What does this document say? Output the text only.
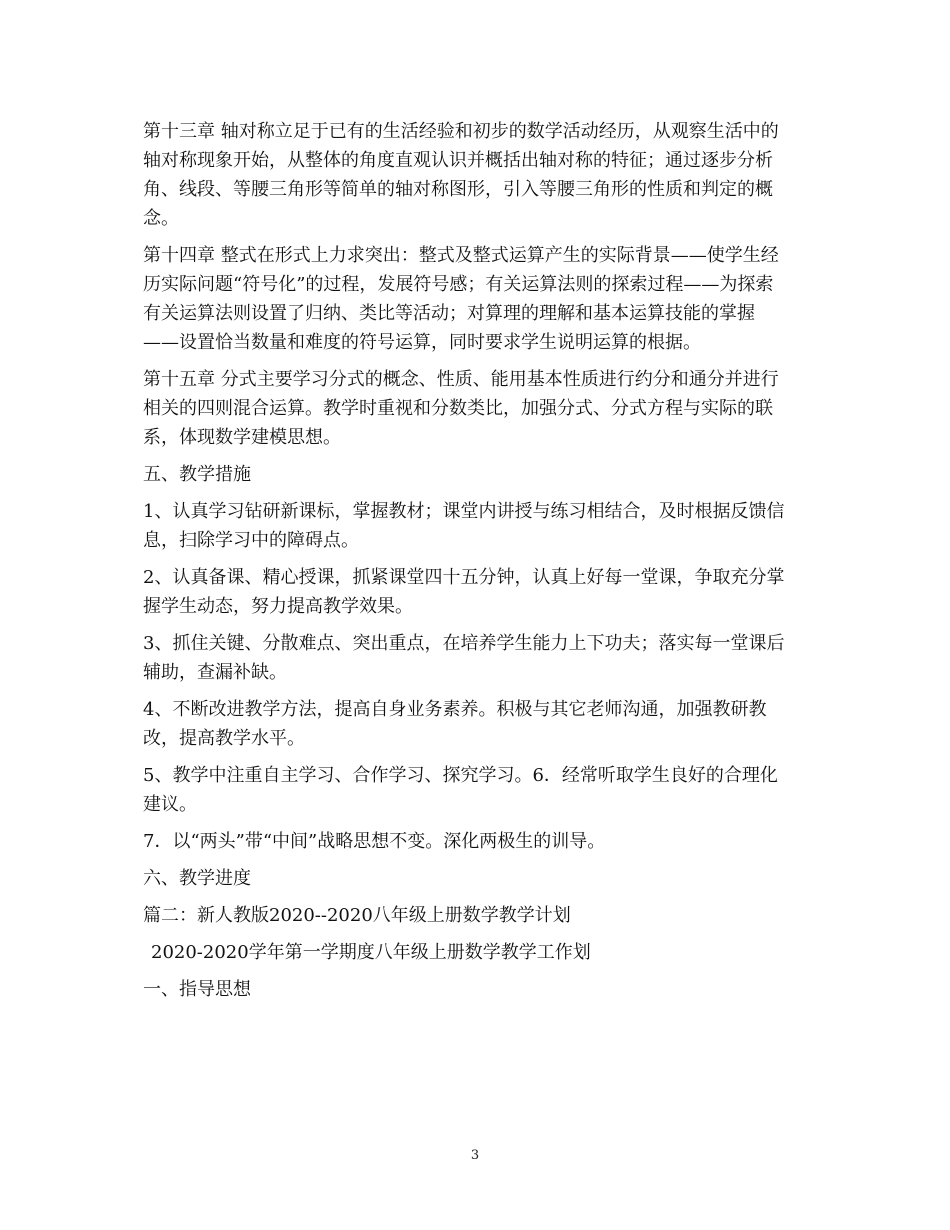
第十三章 轴对称立足于已有的生活经验和初步的数学活动经历，从观察生活中的
轴对称现象开始，从整体的角度直观认识并概括出轴对称的特征；通过逐步分析
角、线段、等腰三角形等简单的轴对称图形，引入等腰三角形的性质和判定的概
念。
第十四章 整式在形式上力求突出：整式及整式运算产生的实际背景——使学生经
历实际问题“符号化”的过程，发展符号感；有关运算法则的探索过程——为探索
有关运算法则设置了归纳、类比等活动；对算理的理解和基本运算技能的掌握
——设置恰当数量和难度的符号运算，同时要求学生说明运算的根据。
第十五章 分式主要学习分式的概念、性质、能用基本性质进行约分和通分并进行
相关的四则混合运算。教学时重视和分数类比，加强分式、分式方程与实际的联
系，体现数学建模思想。
五、教学措施
1、认真学习钻研新课标，掌握教材；课堂内讲授与练习相结合，及时根据反馈信
息，扫除学习中的障碍点。
2、认真备课、精心授课，抓紧课堂四十五分钟，认真上好每一堂课，争取充分掌
握学生动态，努力提高教学效果。
3、抓住关键、分散难点、突出重点，在培养学生能力上下功夫；落实每一堂课后
辅助，查漏补缺。
4、不断改进教学方法，提高自身业务素养。积极与其它老师沟通，加强教研教
改，提高教学水平。
5、教学中注重自主学习、合作学习、探究学习。6．经常听取学生良好的合理化
建议。
7．以“两头”带“中间”战略思想不变。深化两极生的训导。
六、教学进度
篇二：新人教版2020--2020八年级上册数学教学计划
2020-2020学年第一学期度八年级上册数学教学工作划
一、指导思想
3
